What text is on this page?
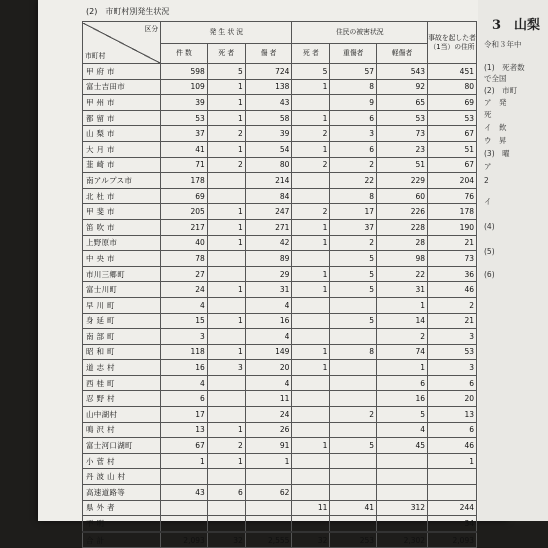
(2)　市町村別発生状況
区分
市町村	発 生 状 況			住民の被害状況			事故を起した者（1当）の住所
	件 数	死 者	傷 者	死 者	重傷者	軽傷者	
甲 府 市	598	5	724	5	57	543	451
富士吉田市	109	1	138	1	8	92	80
甲 州 市	39	1	43		9	65	69
都 留 市	53	1	58	1	6	53	53
山 梨 市	37	2	39	2	3	73	67
大 月 市	41	1	54	1	6	23	51
韮 崎 市	71	2	80	2	2	51	67
南アルプス市	178		214		22	229	204
北 杜 市	69		84		8	60	76
甲 斐 市	205	1	247	2	17	226	178
笛 吹 市	217	1	271	1	37	228	190
上野原市	40	1	42	1	2	28	21
中 央 市	78		89		5	98	73
市川三郷町	27		29	1	5	22	36
富士川町	24	1	31	1	5	31	46
早 川 町	4		4			1	2
身 延 町	15	1	16		5	14	21
南 部 町	3		4			2	3
昭 和 町	118	1	149	1	8	74	53
道 志 村	16	3	20	1		1	3
西 桂 町	4		4			6	6
忍 野 村	6		11			16	20
山中湖村	17		24		2	5	13
鳴 沢 村	13	1	26			4	6
富士河口湖町	67	2	91	1	5	45	46
小 菅 村	1	1	1				1
丹 波 山 村							
高速道路等	43	6	62				
県 外 者				11	41	312	244
不 明							34
合 計	2,093	32	2,555	32	253	2,302	2,093
3　山梨
令和３年中
(1)　死者数
で全国
(2)　市町
ア　発
死
イ　飲
ウ　昇
(3)　曜
ア
2
イ
(4)
(5)
(6)
